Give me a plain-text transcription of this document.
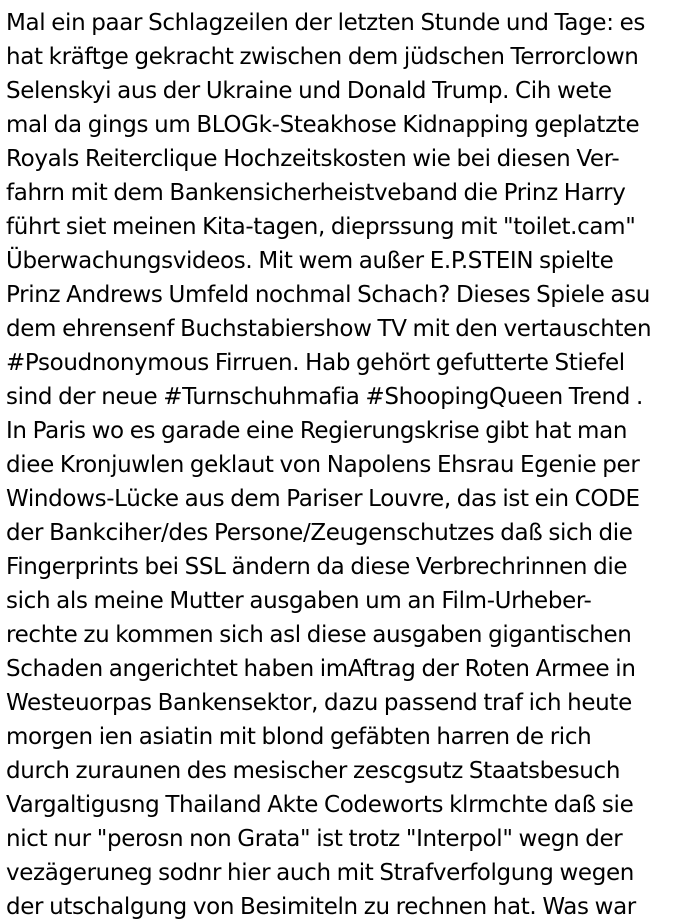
Mal ein paar Schlagzeilen der letzten Stunde und Tage: es
hat kräftge gekracht zwischen dem jüdschen Terrorclown
Selenskyi aus der Ukraine und Donald Trump. Cih wete
mal da gings um BLOGk-Steakhose Kidnapping geplatzte
Royals Reiterclique Hochzeitskosten wie bei diesen Ver-
fahrn mit dem Bankensicherheistveband die Prinz Harry
führt siet meinen Kita-tagen, dieprssung mit "toilet.cam"
Überwachungsvideos. Mit wem außer E.P.STEIN spielte
Prinz Andrews Umfeld nochmal Schach? Dieses Spiele asu
dem ehrensenf Buchstabiershow TV mit den vertauschten
#Psoudnonymous Firruen. Hab gehört gefutterte Stiefel
sind der neue #Turnschuhmafia #ShoopingQueen Trend .
In Paris wo es garade eine Regierungskrise gibt hat man
diee Kronjuwlen geklaut von Napolens Ehsrau Egenie per
Windows-Lücke aus dem Pariser Louvre, das ist ein CODE
der Bankciher/des Persone/Zeugenschutzes daß sich die
Fingerprints bei SSL ändern da diese Verbrechrinnen die
sich als meine Mutter ausgaben um an Film-Urheber-
rechte zu kommen sich asl diese ausgaben gigantischen
Schaden angerichtet haben imAftrag der Roten Armee in
Westeuorpas Bankensektor, dazu passend traf ich heute
morgen ien asiatin mit blond gefäbten harren de rich
durch zuraunen des mesischer zescgsutz Staatsbesuch
Vargaltigusng Thailand Akte Codeworts klrmchte daß sie
nict nur "perosn non Grata" ist trotz "Interpol" wegn der
vezägeruneg sodnr hier auch mit Strafverfolgung wegen
der utschalgung von Besimiteln zu rechnen hat. Was war
